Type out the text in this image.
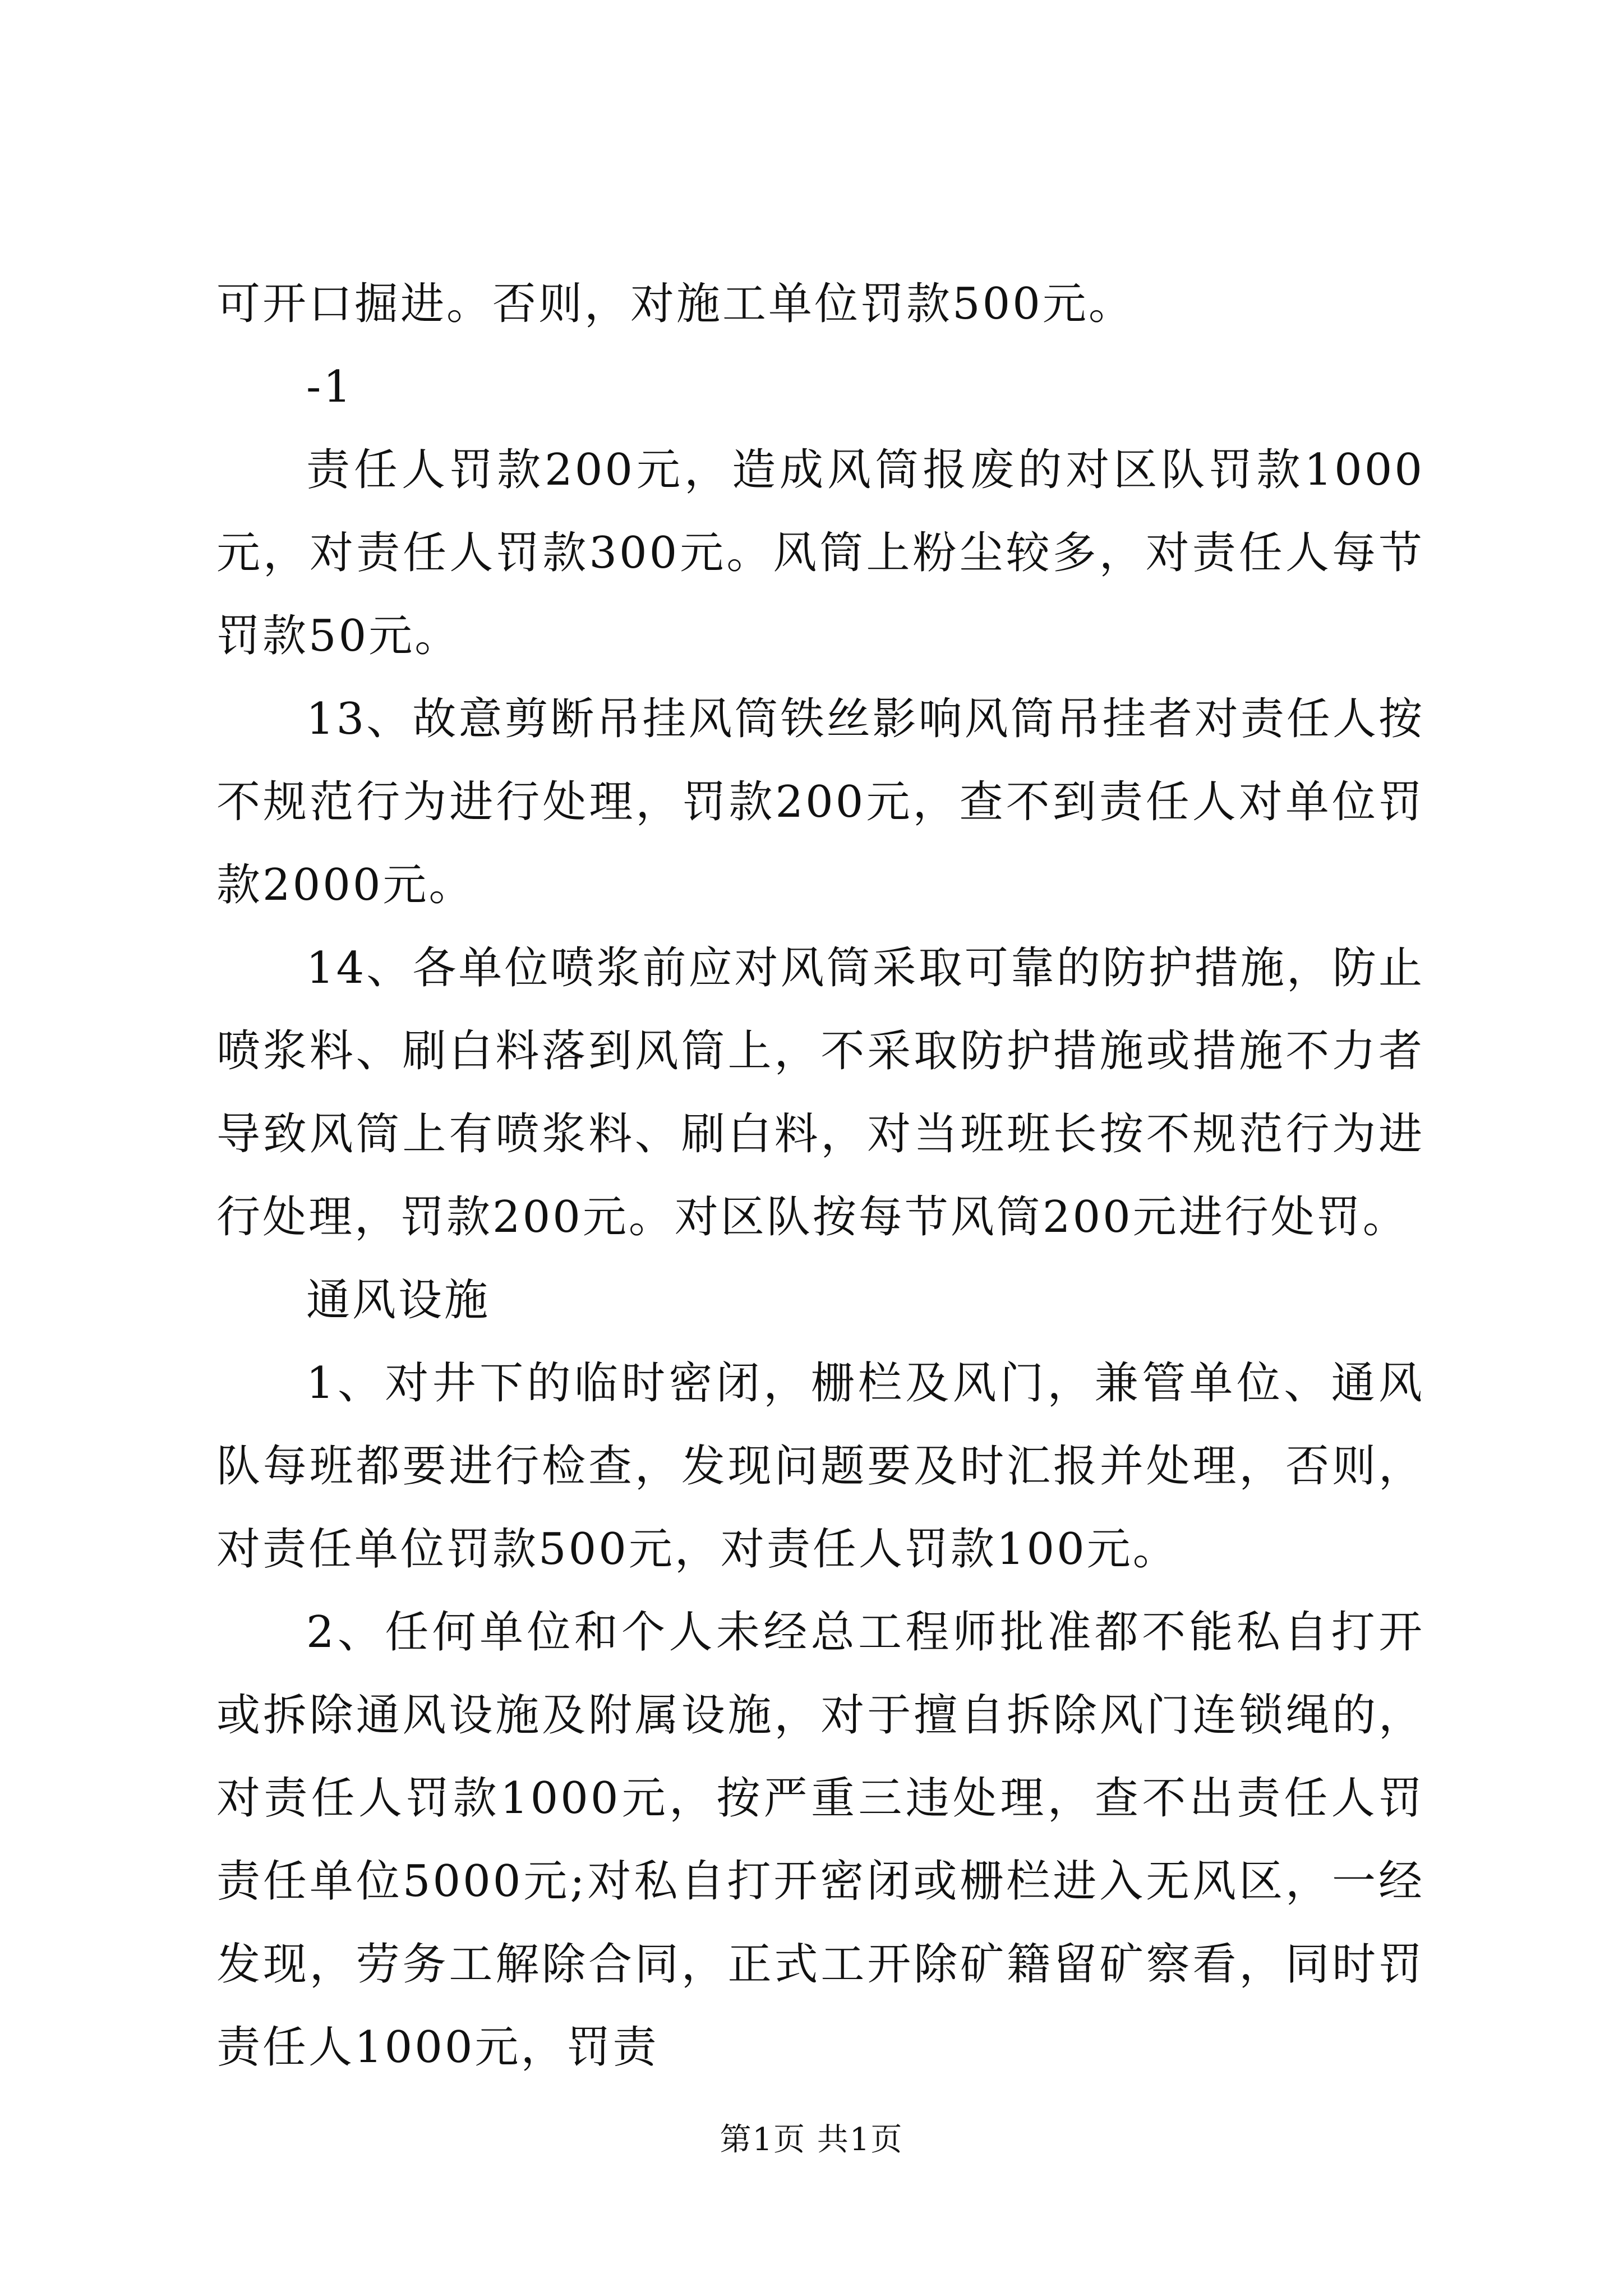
可开口掘进。否则，对施工单位罚款500元。

-1

责任人罚款200元，造成风筒报废的对区队罚款1000元，对责任人罚款300元。风筒上粉尘较多，对责任人每节罚款50元。

13、故意剪断吊挂风筒铁丝影响风筒吊挂者对责任人按不规范行为进行处理，罚款200元，查不到责任人对单位罚款2000元。

14、各单位喷浆前应对风筒采取可靠的防护措施，防止喷浆料、刷白料落到风筒上，不采取防护措施或措施不力者导致风筒上有喷浆料、刷白料，对当班班长按不规范行为进行处理，罚款200元。对区队按每节风筒200元进行处罚。

通风设施

1、对井下的临时密闭，栅栏及风门，兼管单位、通风队每班都要进行检查，发现问题要及时汇报并处理，否则，对责任单位罚款500元，对责任人罚款100元。

2、任何单位和个人未经总工程师批准都不能私自打开或拆除通风设施及附属设施，对于擅自拆除风门连锁绳的，对责任人罚款1000元，按严重三违处理，查不出责任人罚责任单位5000元;对私自打开密闭或栅栏进入无风区，一经发现，劳务工解除合同，正式工开除矿籍留矿察看，同时罚责任人1000元，罚责

第1页 共1页
